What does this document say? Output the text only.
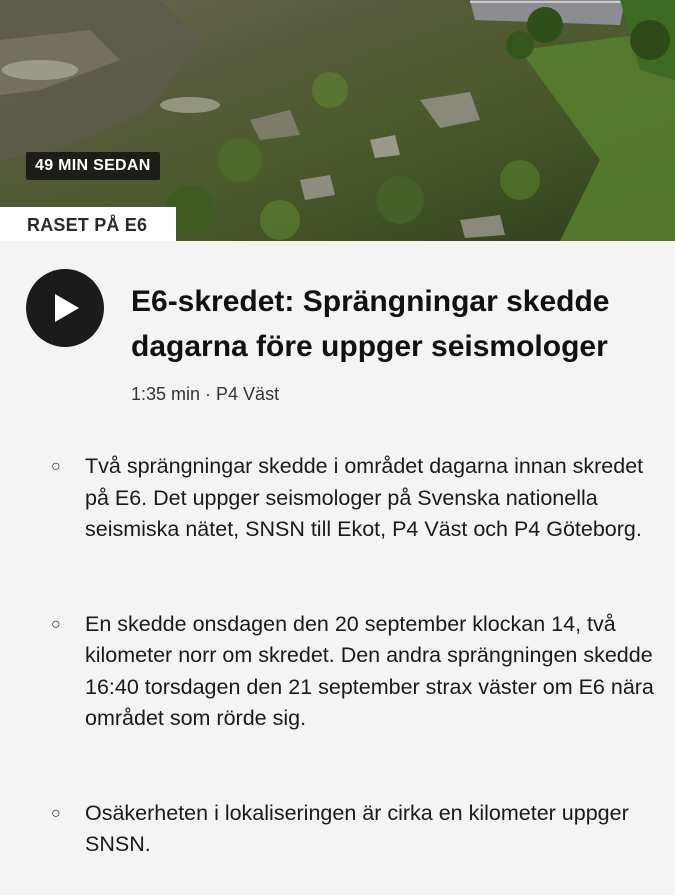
49 MIN SEDAN
RASET PÅ E6
E6-skredet: Sprängningar skedde dagarna före uppger seismologer
1:35 min · P4 Väst
○ Två sprängningar skedde i området dagarna innan skredet på E6. Det uppger seismologer på Svenska nationella seismiska nätet, SNSN till Ekot, P4 Väst och P4 Göteborg.
○ En skedde onsdagen den 20 september klockan 14, två kilometer norr om skredet. Den andra sprängningen skedde 16:40 torsdagen den 21 september strax väster om E6 nära området som rörde sig.
○ Osäkerheten i lokaliseringen är cirka en kilometer uppger SNSN.
